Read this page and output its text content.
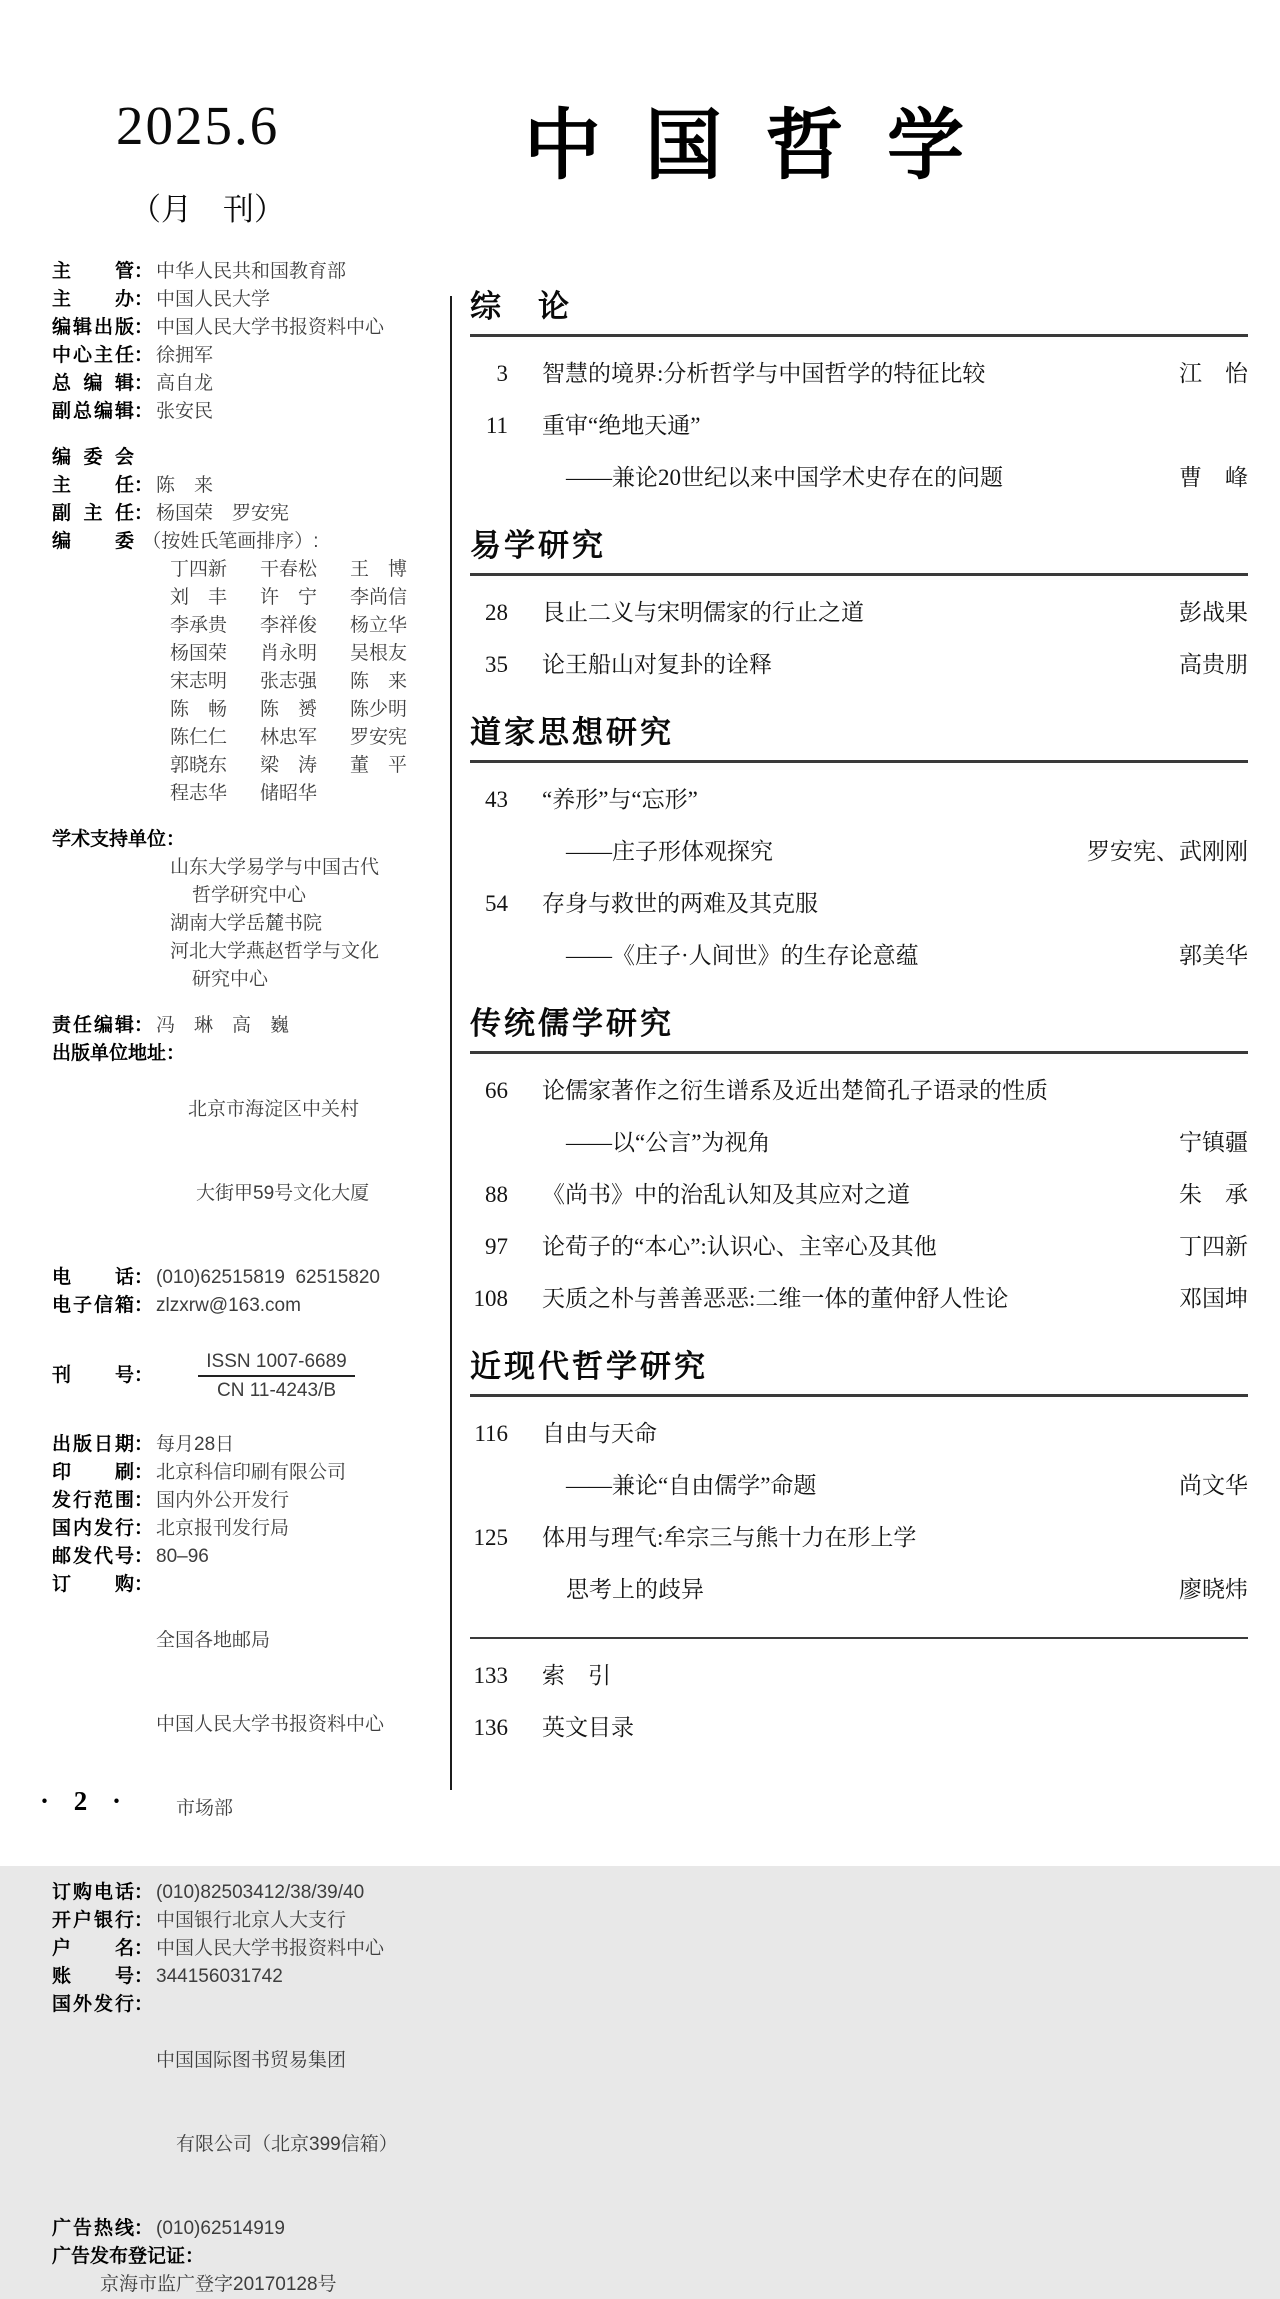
2025.6
（月　刊）
中国哲学
主管 ： 中华人民共和国教育部
主办 ： 中国人民大学
编辑出版 ： 中国人民大学书报资料中心
中心主任 ： 徐拥军
总编辑 ： 高自龙
副总编辑 ： 张安民
编委会
主任 ： 陈　来
副主任 ： 杨国荣　罗安宪
编委
（按姓氏笔画排序）:
丁四新	干春松	王　博
刘　丰	许　宁	李尚信
李承贵	李祥俊	杨立华
杨国荣	肖永明	吴根友
宋志明	张志强	陈　来
陈　畅	陈　赟	陈少明
陈仁仁	林忠军	罗安宪
郭晓东	梁　涛	董　平
程志华	储昭华
学术支持单位 ：
山东大学易学与中国古代
哲学研究中心
湖南大学岳麓书院
河北大学燕赵哲学与文化
研究中心
责任编辑 ： 冯　琳　高　巍
出版单位地址 ：

北京市海淀区中关村

大街甲59号文化大厦

电话 ： (010)62515819  62515820
电子信箱 ： zlzxrw@163.com
刊号 ：

$\frac{\text{ISSN 1007-6689}}{CN 11-4243/B}$

出版日期 ： 每月28日
印刷 ： 北京科信印刷有限公司
发行范围 ： 国内外公开发行
国内发行 ： 北京报刊发行局
邮发代号 ： 80–96
订购 ：

全国各地邮局

中国人民大学书报资料中心

市场部

订购电话 ： (010)82503412/38/39/40
开户银行 ： 中国银行北京人大支行
户名 ： 中国人民大学书报资料中心
账号 ： 344156031742
国外发行 ：

中国国际图书贸易集团

有限公司（北京399信箱）

广告热线 ： (010)62514919
广告发布登记证 ：
京海市监广登字20170128号
综　论
3 智慧的境界:分析哲学与中国哲学的特征比较	江　怡
11 重审“绝地天通”
——兼论20世纪以来中国学术史存在的问题	曹　峰
易学研究
28 艮止二义与宋明儒家的行止之道	彭战果
35 论王船山对复卦的诠释	高贵朋
道家思想研究
43 “养形”与“忘形”
——庄子形体观探究	罗安宪、武刚刚
54 存身与救世的两难及其克服
——《庄子·人间世》的生存论意蕴	郭美华
传统儒学研究
66 论儒家著作之衍生谱系及近出楚简孔子语录的性质
——以“公言”为视角	宁镇疆
88 《尚书》中的治乱认知及其应对之道	朱　承
97 论荀子的“本心”:认识心、主宰心及其他	丁四新
108 天质之朴与善善恶恶:二维一体的董仲舒人性论	邓国坤
近现代哲学研究
116 自由与天命
——兼论“自由儒学”命题	尚文华
125 体用与理气:牟宗三与熊十力在形上学
思考上的歧异	廖晓炜
133 索　引
136 英文目录
· 2 ·
